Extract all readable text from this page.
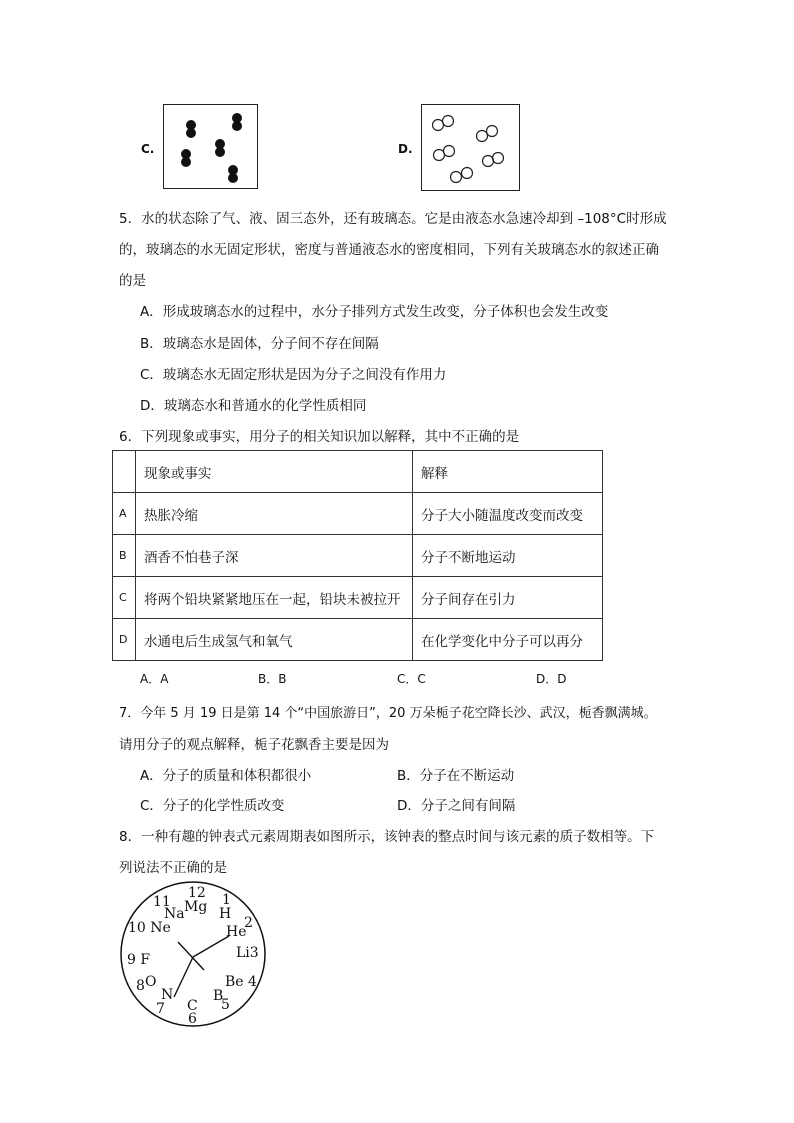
C.	D.
5．水的状态除了气、液、固三态外，还有玻璃态。它是由液态水急速冷却到 –108°C时形成
的，玻璃态的水无固定形状，密度与普通液态水的密度相同，下列有关玻璃态水的叙述正确
的是
A．形成玻璃态水的过程中，水分子排列方式发生改变，分子体积也会发生改变
B．玻璃态水是固体，分子间不存在间隔
C．玻璃态水无固定形状是因为分子之间没有作用力
D．玻璃态水和普通水的化学性质相同
6．下列现象或事实，用分子的相关知识加以解释，其中不正确的是
	现象或事实	解释
A	热胀冷缩	分子大小随温度改变而改变
B	酒香不怕巷子深	分子不断地运动
C	将两个铅块紧紧地压在一起，铅块未被拉开	分子间存在引力
D	水通电后生成氢气和氧气	在化学变化中分子可以再分
A．A	B．B	C．C	D．D
7．今年 5 月 19 日是第 14 个“中国旅游日”，20 万朵栀子花空降长沙、武汉，栀香飘满城。
请用分子的观点解释，栀子花飘香主要是因为
A．分子的质量和体积都很小	B．分子在不断运动
C．分子的化学性质改变	D．分子之间有间隔
8．一种有趣的钟表式元素周期表如图所示，该钟表的整点时间与该元素的质子数相等。下
列说法不正确的是
12
Mg 1
H
He
2
Li3
Be 4
B
5
C
6
N
7
8 O
9 F
10 Ne
11
Na
